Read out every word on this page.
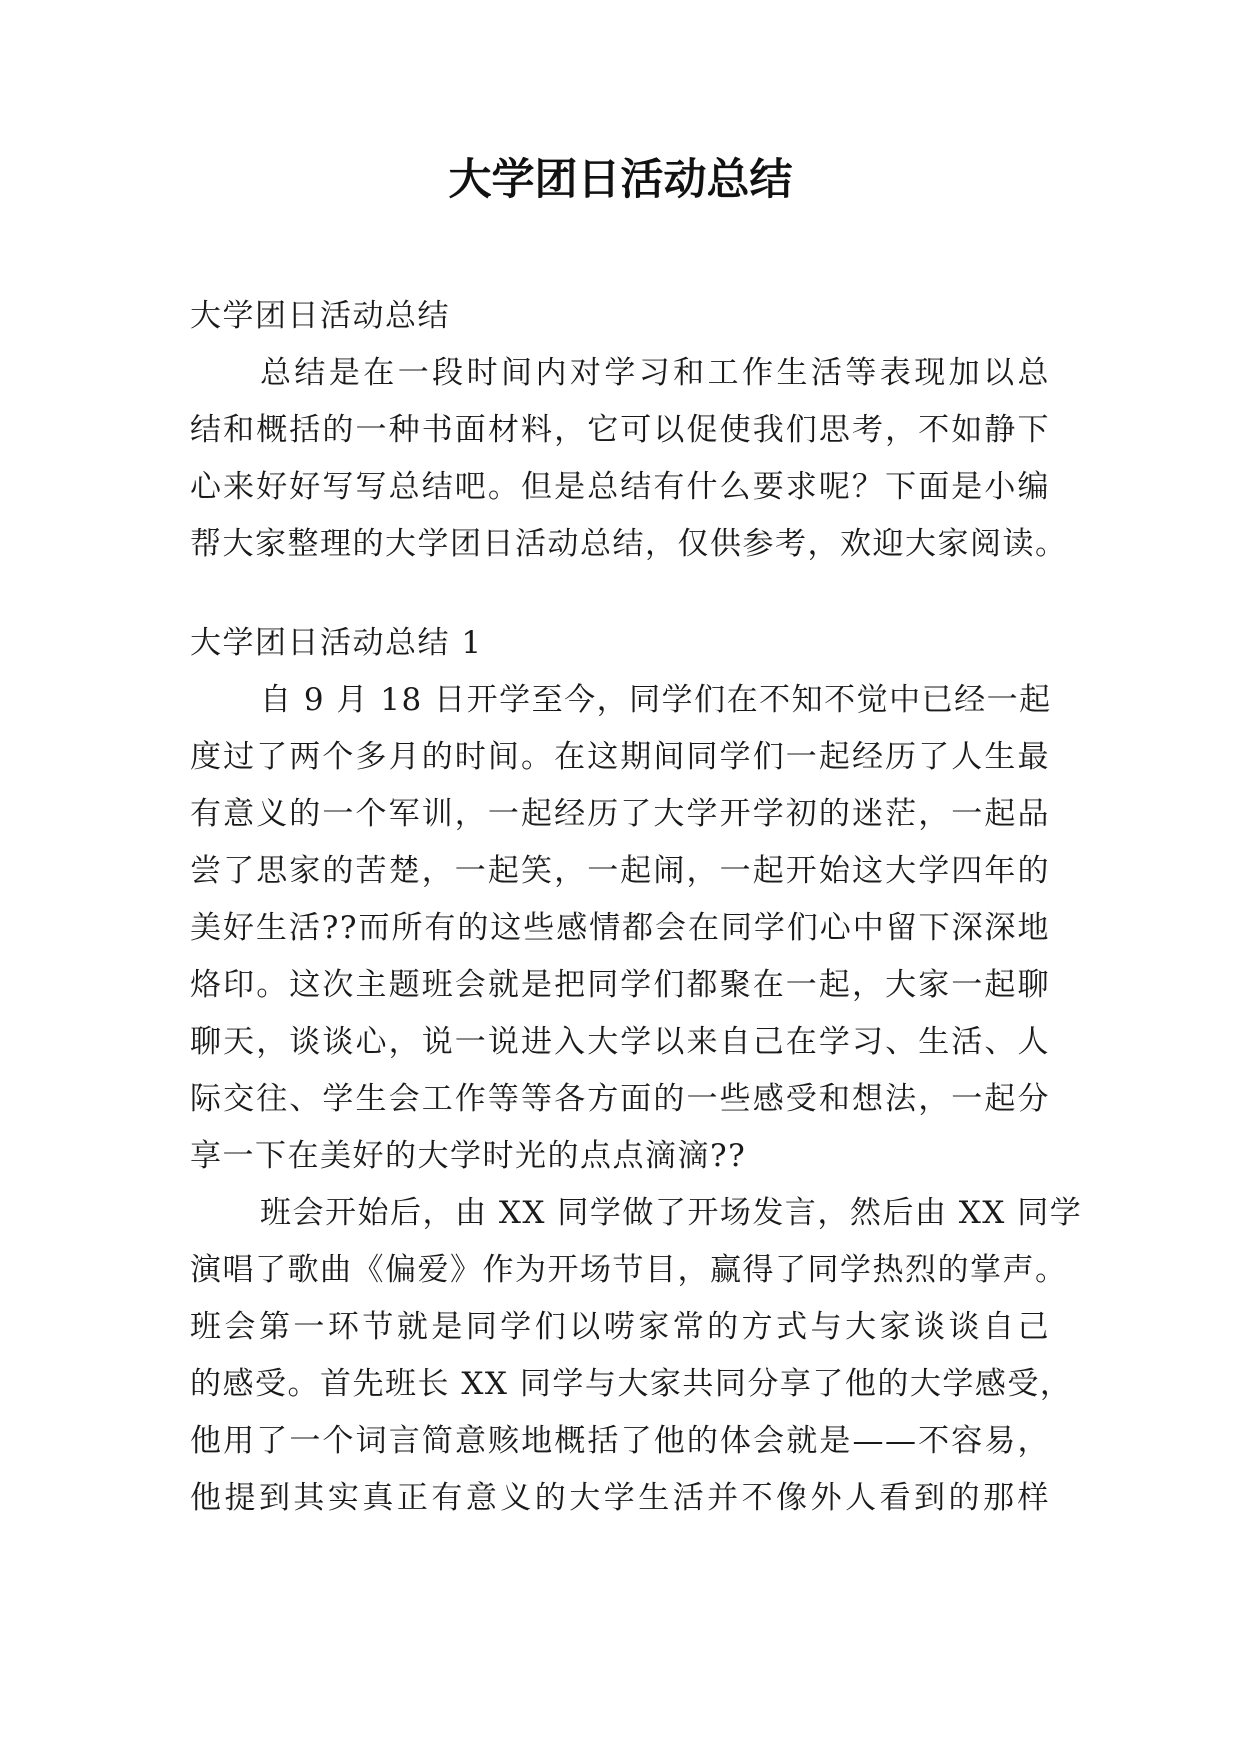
大学团日活动总结
大学团日活动总结
总结是在一段时间内对学习和工作生活等表现加以总
结和概括的一种书面材料，它可以促使我们思考，不如静下
心来好好写写总结吧。但是总结有什么要求呢？下面是小编
帮大家整理的大学团日活动总结，仅供参考，欢迎大家阅读。
大学团日活动总结 1
自 9 月 18 日开学至今，同学们在不知不觉中已经一起
度过了两个多月的时间。在这期间同学们一起经历了人生最
有意义的一个军训，一起经历了大学开学初的迷茫，一起品
尝了思家的苦楚，一起笑，一起闹，一起开始这大学四年的
美好生活??而所有的这些感情都会在同学们心中留下深深地
烙印。这次主题班会就是把同学们都聚在一起，大家一起聊
聊天，谈谈心，说一说进入大学以来自己在学习、生活、人
际交往、学生会工作等等各方面的一些感受和想法，一起分
享一下在美好的大学时光的点点滴滴??
班会开始后，由 XX 同学做了开场发言，然后由 XX 同学
演唱了歌曲《偏爱》作为开场节目，赢得了同学热烈的掌声。
班会第一环节就是同学们以唠家常的方式与大家谈谈自己
的感受。首先班长 XX 同学与大家共同分享了他的大学感受，
他用了一个词言简意赅地概括了他的体会就是——不容易，
他提到其实真正有意义的大学生活并不像外人看到的那样
